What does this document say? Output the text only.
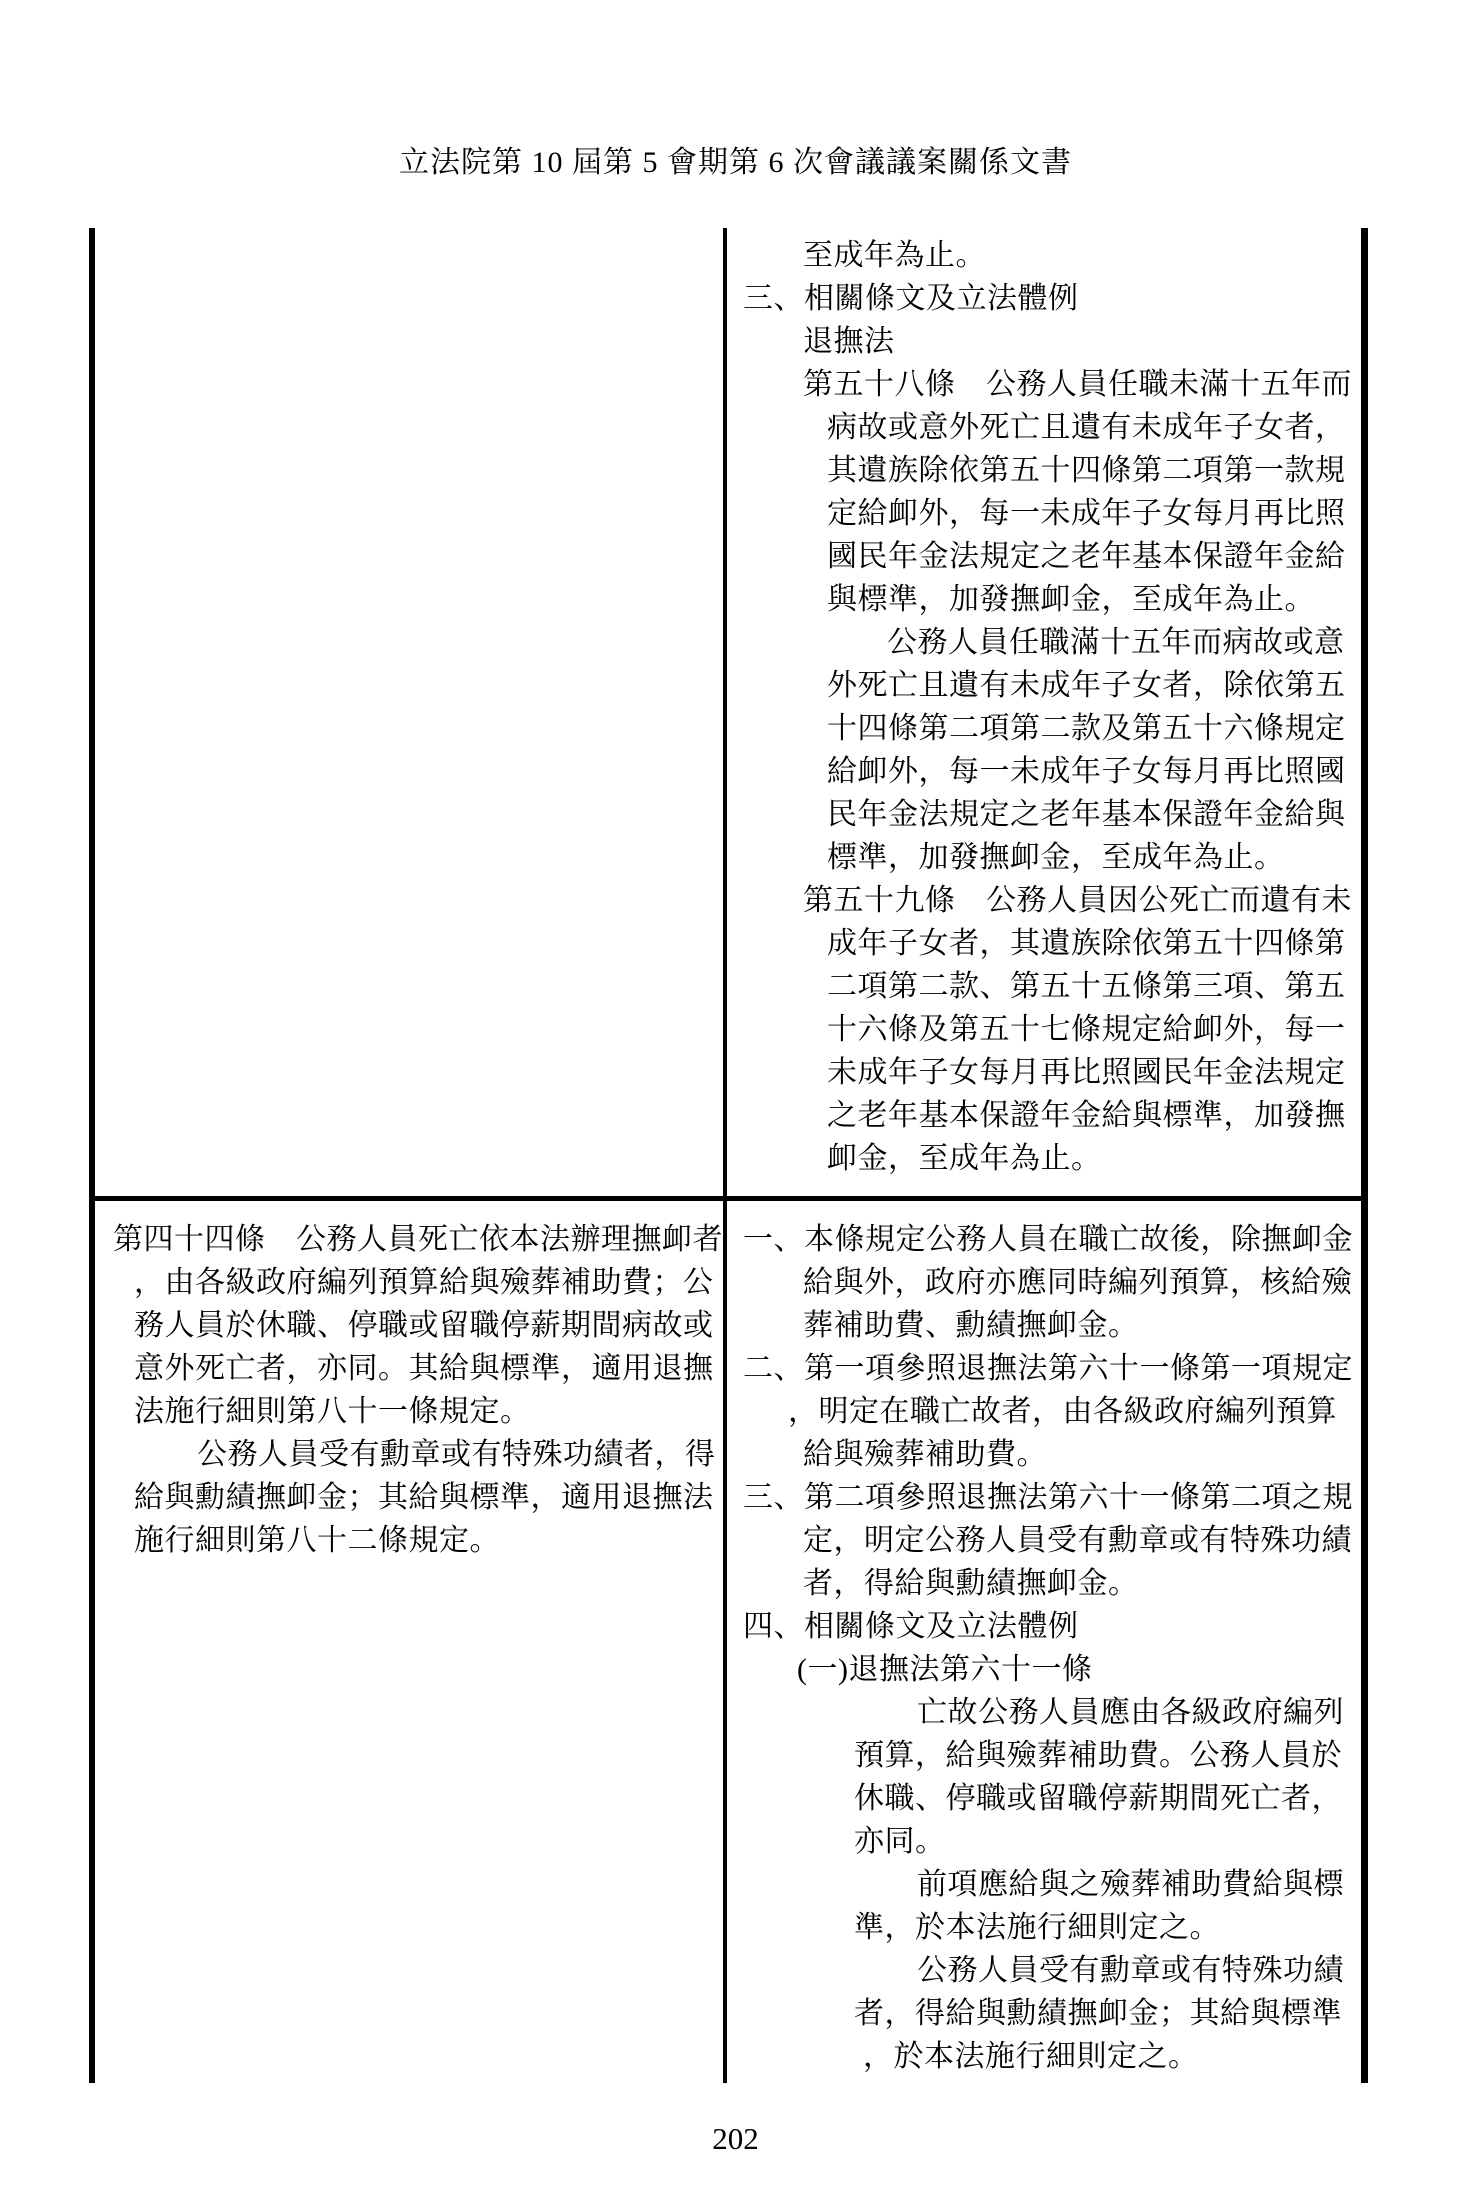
立法院第 10 屆第 5 會期第 6 次會議議案關係文書
至成年為止。
三、相關條文及立法體例
退撫法
第五十八條　公務人員任職未滿十五年而
病故或意外死亡且遺有未成年子女者，
其遺族除依第五十四條第二項第一款規
定給卹外，每一未成年子女每月再比照
國民年金法規定之老年基本保證年金給
與標準，加發撫卹金，至成年為止。
公務人員任職滿十五年而病故或意
外死亡且遺有未成年子女者，除依第五
十四條第二項第二款及第五十六條規定
給卹外，每一未成年子女每月再比照國
民年金法規定之老年基本保證年金給與
標準，加發撫卹金，至成年為止。
第五十九條　公務人員因公死亡而遺有未
成年子女者，其遺族除依第五十四條第
二項第二款、第五十五條第三項、第五
十六條及第五十七條規定給卹外，每一
未成年子女每月再比照國民年金法規定
之老年基本保證年金給與標準，加發撫
卹金，至成年為止。
第四十四條　公務人員死亡依本法辦理撫卹者
，由各級政府編列預算給與殮葬補助費；公
務人員於休職、停職或留職停薪期間病故或
意外死亡者，亦同。其給與標準，適用退撫
法施行細則第八十一條規定。
公務人員受有勳章或有特殊功績者，得
給與勳績撫卹金；其給與標準，適用退撫法
施行細則第八十二條規定。
一、本條規定公務人員在職亡故後，除撫卹金
給與外，政府亦應同時編列預算，核給殮
葬補助費、勳績撫卹金。
二、第一項參照退撫法第六十一條第一項規定
，明定在職亡故者，由各級政府編列預算
給與殮葬補助費。
三、第二項參照退撫法第六十一條第二項之規
定，明定公務人員受有勳章或有特殊功績
者，得給與勳績撫卹金。
四、相關條文及立法體例
(一)退撫法第六十一條
亡故公務人員應由各級政府編列
預算，給與殮葬補助費。公務人員於
休職、停職或留職停薪期間死亡者，
亦同。
前項應給與之殮葬補助費給與標
準，於本法施行細則定之。
公務人員受有勳章或有特殊功績
者，得給與勳績撫卹金；其給與標準
，於本法施行細則定之。
202
